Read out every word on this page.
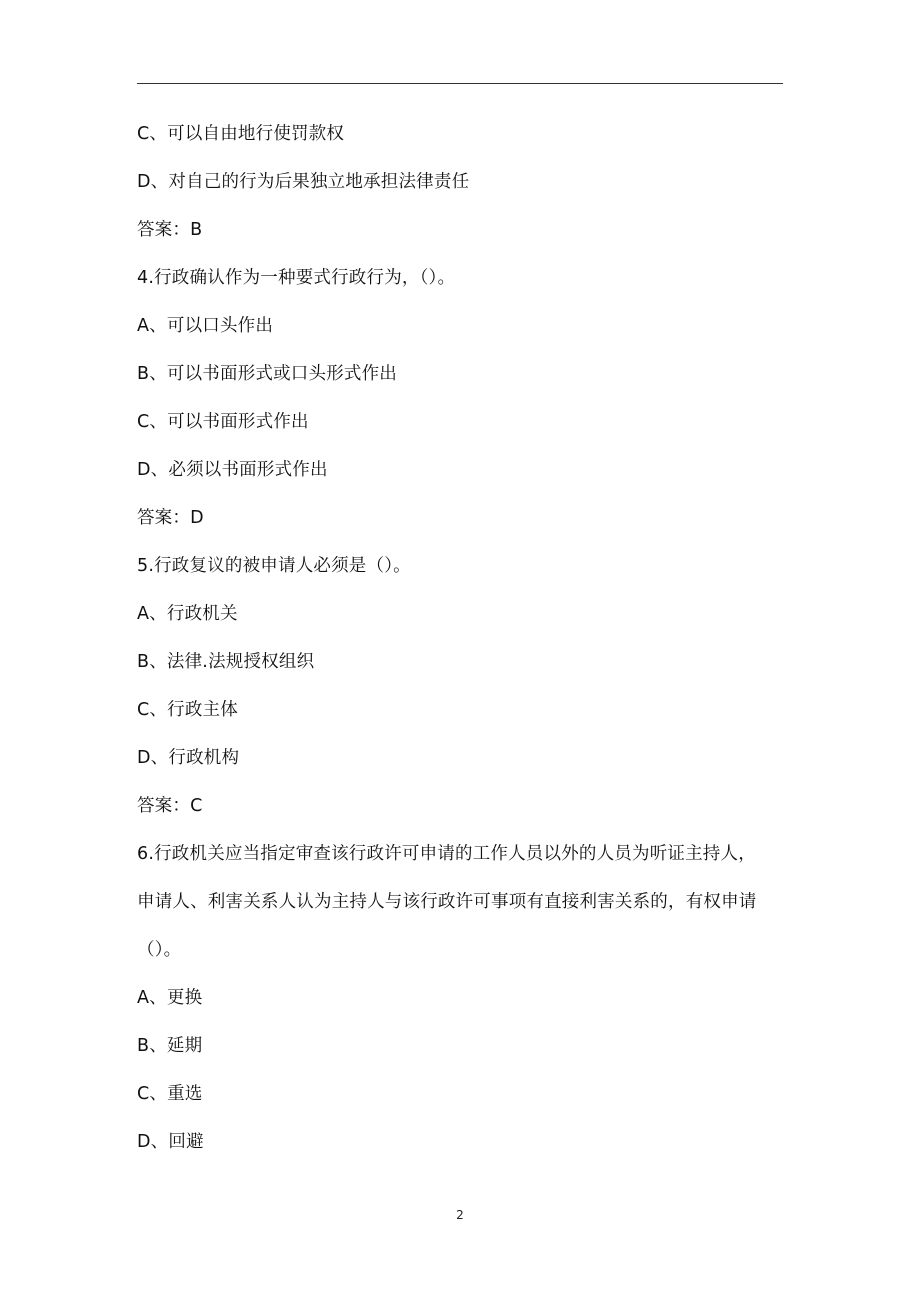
C、可以自由地行使罚款权
D、对自己的行为后果独立地承担法律责任
答案：B
4.行政确认作为一种要式行政行为，（）。
A、可以口头作出
B、可以书面形式或口头形式作出
C、可以书面形式作出
D、必须以书面形式作出
答案：D
5.行政复议的被申请人必须是（）。
A、行政机关
B、法律.法规授权组织
C、行政主体
D、行政机构
答案：C
6.行政机关应当指定审查该行政许可申请的工作人员以外的人员为听证主持人，
申请人、利害关系人认为主持人与该行政许可事项有直接利害关系的，有权申请
（）。
A、更换
B、延期
C、重选
D、回避
2
